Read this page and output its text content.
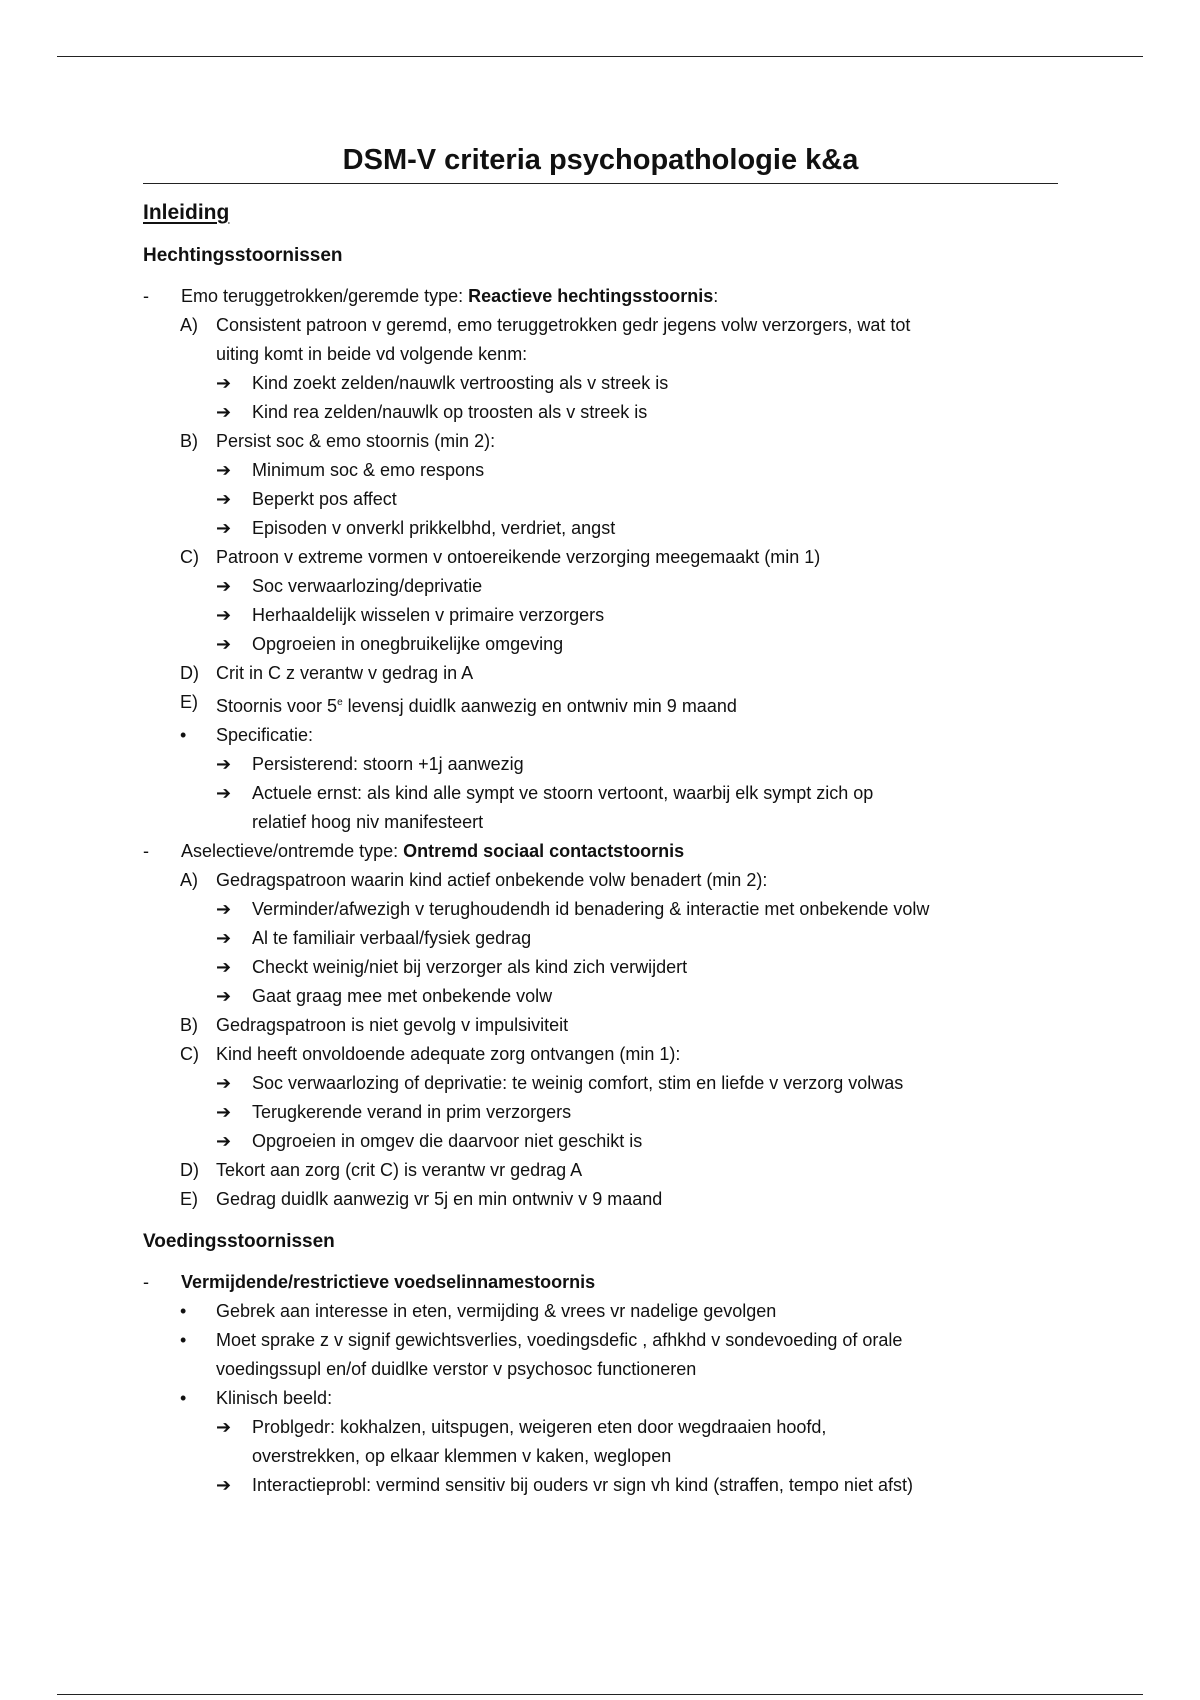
DSM-V criteria psychopathologie k&a
Inleiding
Hechtingsstoornissen
- Emo teruggetrokken/geremde type: Reactieve hechtingsstoornis:
A) Consistent patroon v geremd, emo teruggetrokken gedr jegens volw verzorgers, wat tot
uiting komt in beide vd volgende kenm:
➔ Kind zoekt zelden/nauwlk vertroosting als v streek is
➔ Kind rea zelden/nauwlk op troosten als v streek is
B) Persist soc & emo stoornis (min 2):
➔ Minimum soc & emo respons
➔ Beperkt pos affect
➔ Episoden v onverkl prikkelbhd, verdriet, angst
C) Patroon v extreme vormen v ontoereikende verzorging meegemaakt (min 1)
➔ Soc verwaarlozing/deprivatie
➔ Herhaaldelijk wisselen v primaire verzorgers
➔ Opgroeien in onegbruikelijke omgeving
D) Crit in C z verantw v gedrag in A
E) Stoornis voor 5e levensj duidlk aanwezig en ontwniv min 9 maand
• Specificatie:
➔ Persisterend: stoorn +1j aanwezig
➔ Actuele ernst: als kind alle sympt ve stoorn vertoont, waarbij elk sympt zich op
relatief hoog niv manifesteert
- Aselectieve/ontremde type: Ontremd sociaal contactstoornis
A) Gedragspatroon waarin kind actief onbekende volw benadert (min 2):
➔ Verminder/afwezigh v terughoudendh id benadering & interactie met onbekende volw
➔ Al te familiair verbaal/fysiek gedrag
➔ Checkt weinig/niet bij verzorger als kind zich verwijdert
➔ Gaat graag mee met onbekende volw
B) Gedragspatroon is niet gevolg v impulsiviteit
C) Kind heeft onvoldoende adequate zorg ontvangen (min 1):
➔ Soc verwaarlozing of deprivatie: te weinig comfort, stim en liefde v verzorg volwas
➔ Terugkerende verand in prim verzorgers
➔ Opgroeien in omgev die daarvoor niet geschikt is
D) Tekort aan zorg (crit C) is verantw vr gedrag A
E) Gedrag duidlk aanwezig vr 5j en min ontwniv v 9 maand
Voedingsstoornissen
- Vermijdende/restrictieve voedselinnamestoornis
• Gebrek aan interesse in eten, vermijding & vrees vr nadelige gevolgen
• Moet sprake z v signif gewichtsverlies, voedingsdefic , afhkhd v sondevoeding of orale
voedingssupl en/of duidlke verstor v psychosoc functioneren
• Klinisch beeld:
➔ Problgedr: kokhalzen, uitspugen, weigeren eten door wegdraaien hoofd,
overstrekken, op elkaar klemmen v kaken, weglopen
➔ Interactieprobl: vermind sensitiv bij ouders vr sign vh kind (straffen, tempo niet afst)
